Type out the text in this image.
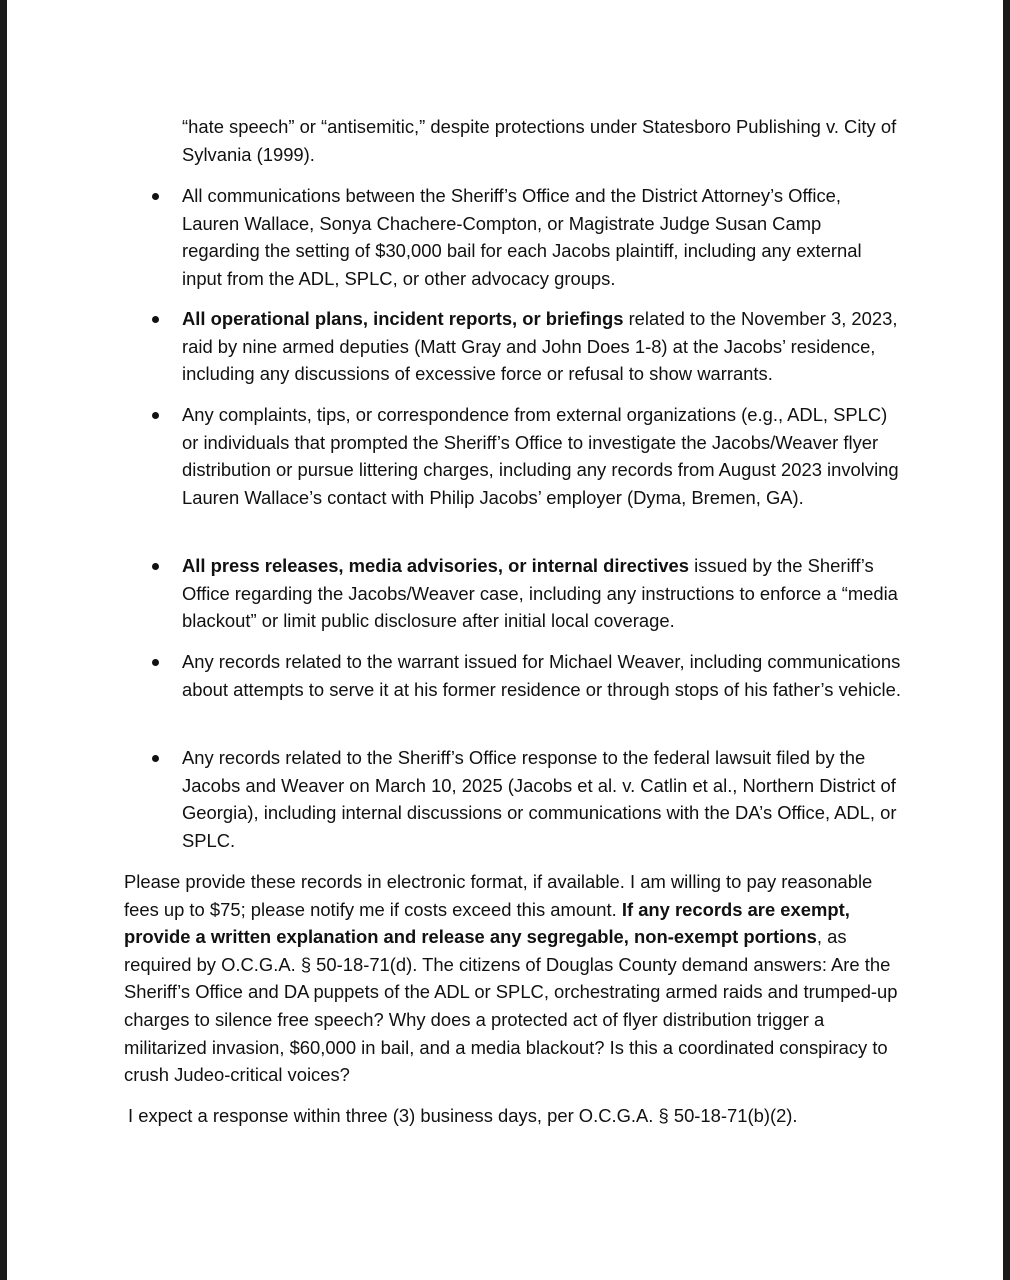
“hate speech” or “antisemitic,” despite protections under Statesboro Publishing v. City of Sylvania (1999).

All communications between the Sheriff’s Office and the District Attorney’s Office, Lauren Wallace, Sonya Chachere-Compton, or Magistrate Judge Susan Camp regarding the setting of $30,000 bail for each Jacobs plaintiff, including any external input from the ADL, SPLC, or other advocacy groups.
All operational plans, incident reports, or briefings related to the November 3, 2023, raid by nine armed deputies (Matt Gray and John Does 1-8) at the Jacobs’ residence, including any discussions of excessive force or refusal to show warrants.
Any complaints, tips, or correspondence from external organizations (e.g., ADL, SPLC) or individuals that prompted the Sheriff’s Office to investigate the Jacobs/Weaver flyer distribution or pursue littering charges, including any records from August 2023 involving Lauren Wallace’s contact with Philip Jacobs’ employer (Dyma, Bremen, GA).
All press releases, media advisories, or internal directives issued by the Sheriff’s Office regarding the Jacobs/Weaver case, including any instructions to enforce a “media blackout” or limit public disclosure after initial local coverage.
Any records related to the warrant issued for Michael Weaver, including communications about attempts to serve it at his former residence or through stops of his father’s vehicle.
Any records related to the Sheriff’s Office response to the federal lawsuit filed by the Jacobs and Weaver on March 10, 2025 (Jacobs et al. v. Catlin et al., Northern District of Georgia), including internal discussions or communications with the DA’s Office, ADL, or SPLC.

Please provide these records in electronic format, if available. I am willing to pay reasonable fees up to $75; please notify me if costs exceed this amount. If any records are exempt, provide a written explanation and release any segregable, non-exempt portions, as required by O.C.G.A. § 50-18-71(d). The citizens of Douglas County demand answers: Are the Sheriff’s Office and DA puppets of the ADL or SPLC, orchestrating armed raids and trumped-up charges to silence free speech? Why does a protected act of flyer distribution trigger a militarized invasion, $60,000 in bail, and a media blackout? Is this a coordinated conspiracy to crush Judeo-critical voices?

I expect a response within three (3) business days, per O.C.G.A. § 50-18-71(b)(2).
